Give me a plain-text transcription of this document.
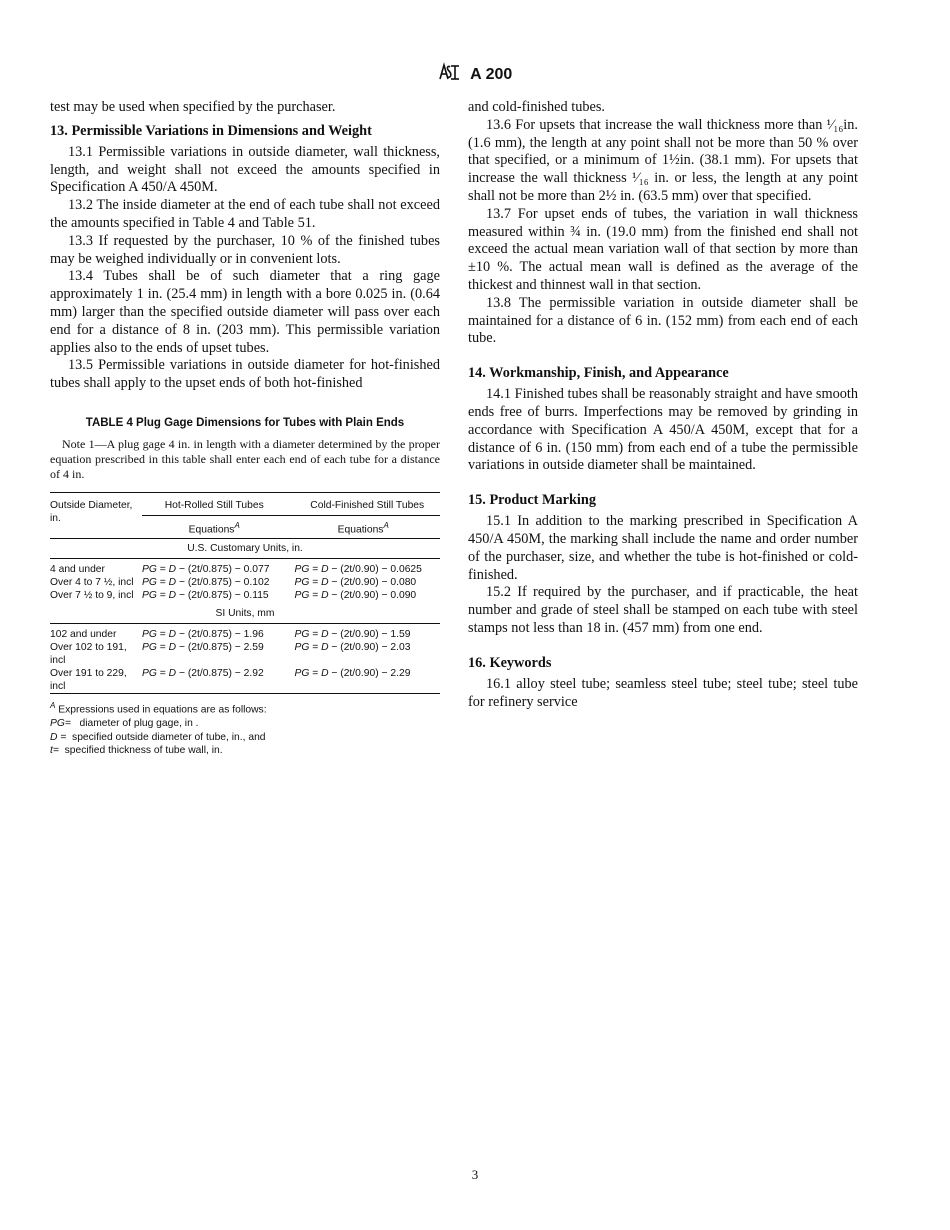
A 200

test may be used when specified by the purchaser.

13. Permissible Variations in Dimensions and Weight

13.1 Permissible variations in outside diameter, wall thickness, length, and weight shall not exceed the amounts specified in Specification A 450/A 450M.

13.2 The inside diameter at the end of each tube shall not exceed the amounts specified in Table 4 and Table 51.

13.3 If requested by the purchaser, 10 % of the finished tubes may be weighed individually or in convenient lots.

13.4 Tubes shall be of such diameter that a ring gage approximately 1 in. (25.4 mm) in length with a bore 0.025 in. (0.64 mm) larger than the specified outside diameter will pass over each end for a distance of 8 in. (203 mm). This permissible variation applies also to the ends of upset tubes.

13.5 Permissible variations in outside diameter for hot-finished tubes shall apply to the upset ends of both hot-finished

TABLE 4 Plug Gage Dimensions for Tubes with Plain Ends
Note 1—A plug gage 4 in. in length with a diameter determined by the proper equation prescribed in this table shall enter each end of each tube for a distance of 4 in.
Outside Diameter, in.	Hot-Rolled Still Tubes	Cold-Finished Still Tubes
	Equations$^A$	Equations$^A$
U.S. Customary Units, in.		
4 and under	PG = D − (2t/0.875) − 0.077	PG = D − (2t/0.90) − 0.0625
Over 4 to 7 ½, incl	PG = D − (2t/0.875) − 0.102	PG = D − (2t/0.90) − 0.080
Over 7 ½ to 9, incl	PG = D − (2t/0.875) − 0.115	PG = D − (2t/0.90) − 0.090
SI Units, mm		
102 and under	PG = D − (2t/0.875) − 1.96	PG = D − (2t/0.90) − 1.59
Over 102 to 191, incl	PG = D − (2t/0.875) − 2.59	PG = D − (2t/0.90) − 2.03
Over 191 to 229, incl	PG = D − (2t/0.875) − 2.92	PG = D − (2t/0.90) − 2.29

$^A$ Expressions used in equations are as follows:
PG= diameter of plug gage, in .
D = specified outside diameter of tube, in., and
t= specified thickness of tube wall, in.

and cold-finished tubes.

13.6 For upsets that increase the wall thickness more than ¹⁄₁₆in. (1.6 mm), the length at any point shall not be more than 50 % over that specified, or a minimum of 1½in. (38.1 mm). For upsets that increase the wall thickness ¹⁄₁₆ in. or less, the length at any point shall not be more than 2½ in. (63.5 mm) over that specified.

13.7 For upset ends of tubes, the variation in wall thickness measured within ¾ in. (19.0 mm) from the finished end shall not exceed the actual mean variation wall of that section by more than ±10 %. The actual mean wall is defined as the average of the thickest and thinnest wall in that section.

13.8 The permissible variation in outside diameter shall be maintained for a distance of 6 in. (152 mm) from each end of each tube.

14. Workmanship, Finish, and Appearance

14.1 Finished tubes shall be reasonably straight and have smooth ends free of burrs. Imperfections may be removed by grinding in accordance with Specification A 450/A 450M, except that for a distance of 6 in. (150 mm) from each end of a tube the permissible variations in outside diameter shall be maintained.

15. Product Marking

15.1 In addition to the marking prescribed in Specification A 450/A 450M, the marking shall include the name and order number of the purchaser, size, and whether the tube is hot-finished or cold-finished.

15.2 If required by the purchaser, and if practicable, the heat number and grade of steel shall be stamped on each tube with steel stamps not less than 18 in. (457 mm) from one end.

16. Keywords

16.1 alloy steel tube; seamless steel tube; steel tube; steel tube for refinery service

3
